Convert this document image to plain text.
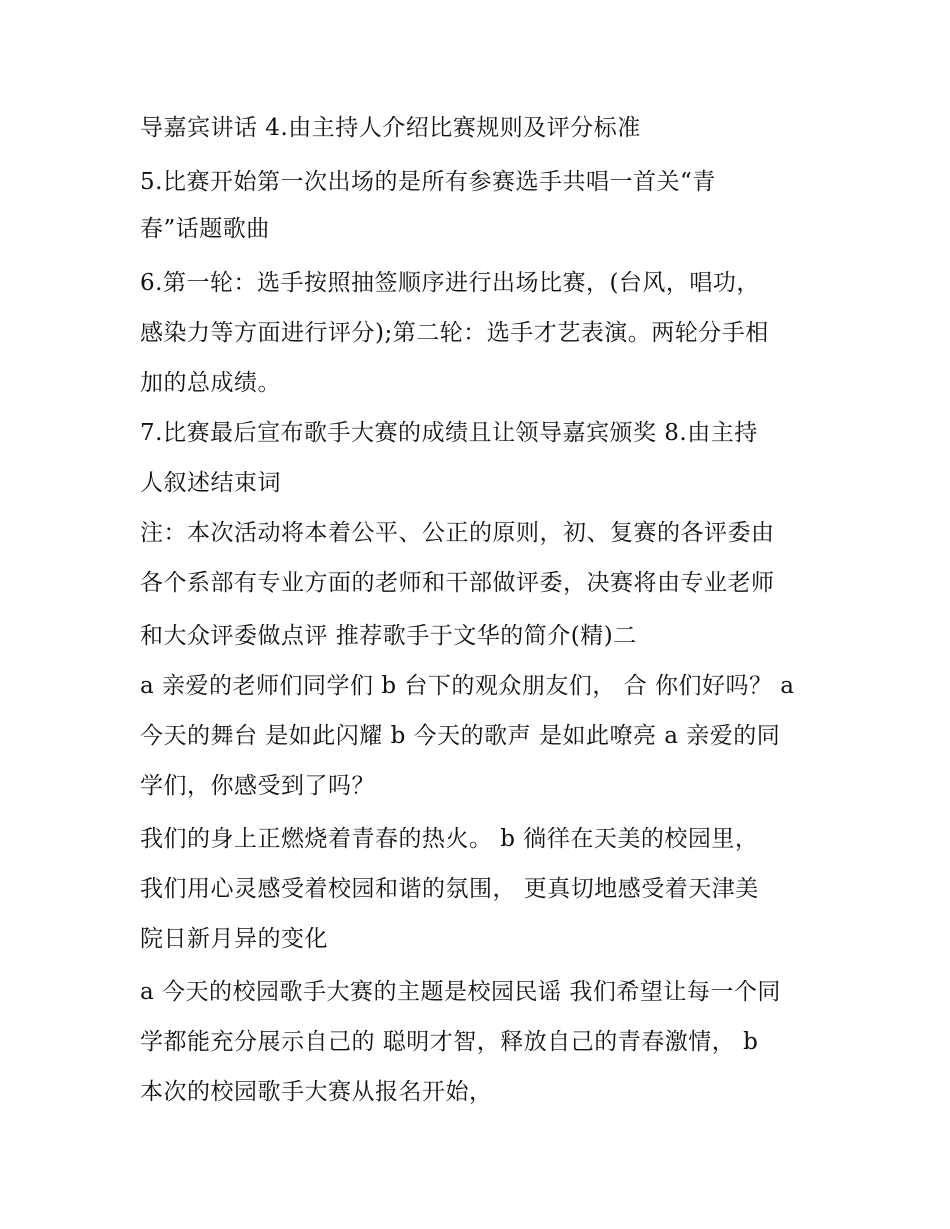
导嘉宾讲话 4.由主持人介绍比赛规则及评分标准
5.比赛开始第一次出场的是所有参赛选手共唱一首关“青
春”话题歌曲
6.第一轮：选手按照抽签顺序进行出场比赛，(台风，唱功，
感染力等方面进行评分);第二轮：选手才艺表演。两轮分手相
加的总成绩。
7.比赛最后宣布歌手大赛的成绩且让领导嘉宾颁奖 8.由主持
人叙述结束词
注：本次活动将本着公平、公正的原则，初、复赛的各评委由
各个系部有专业方面的老师和干部做评委，决赛将由专业老师
和大众评委做点评 推荐歌手于文华的简介(精)二
a 亲爱的老师们同学们 b 台下的观众朋友们， 合 你们好吗？ a
今天的舞台 是如此闪耀 b 今天的歌声 是如此嘹亮 a 亲爱的同
学们，你感受到了吗？
我们的身上正燃烧着青春的热火。 b 徜徉在天美的校园里，
我们用心灵感受着校园和谐的氛围， 更真切地感受着天津美
院日新月异的变化
a 今天的校园歌手大赛的主题是校园民谣 我们希望让每一个同
学都能充分展示自己的 聪明才智，释放自己的青春激情， b
本次的校园歌手大赛从报名开始，
